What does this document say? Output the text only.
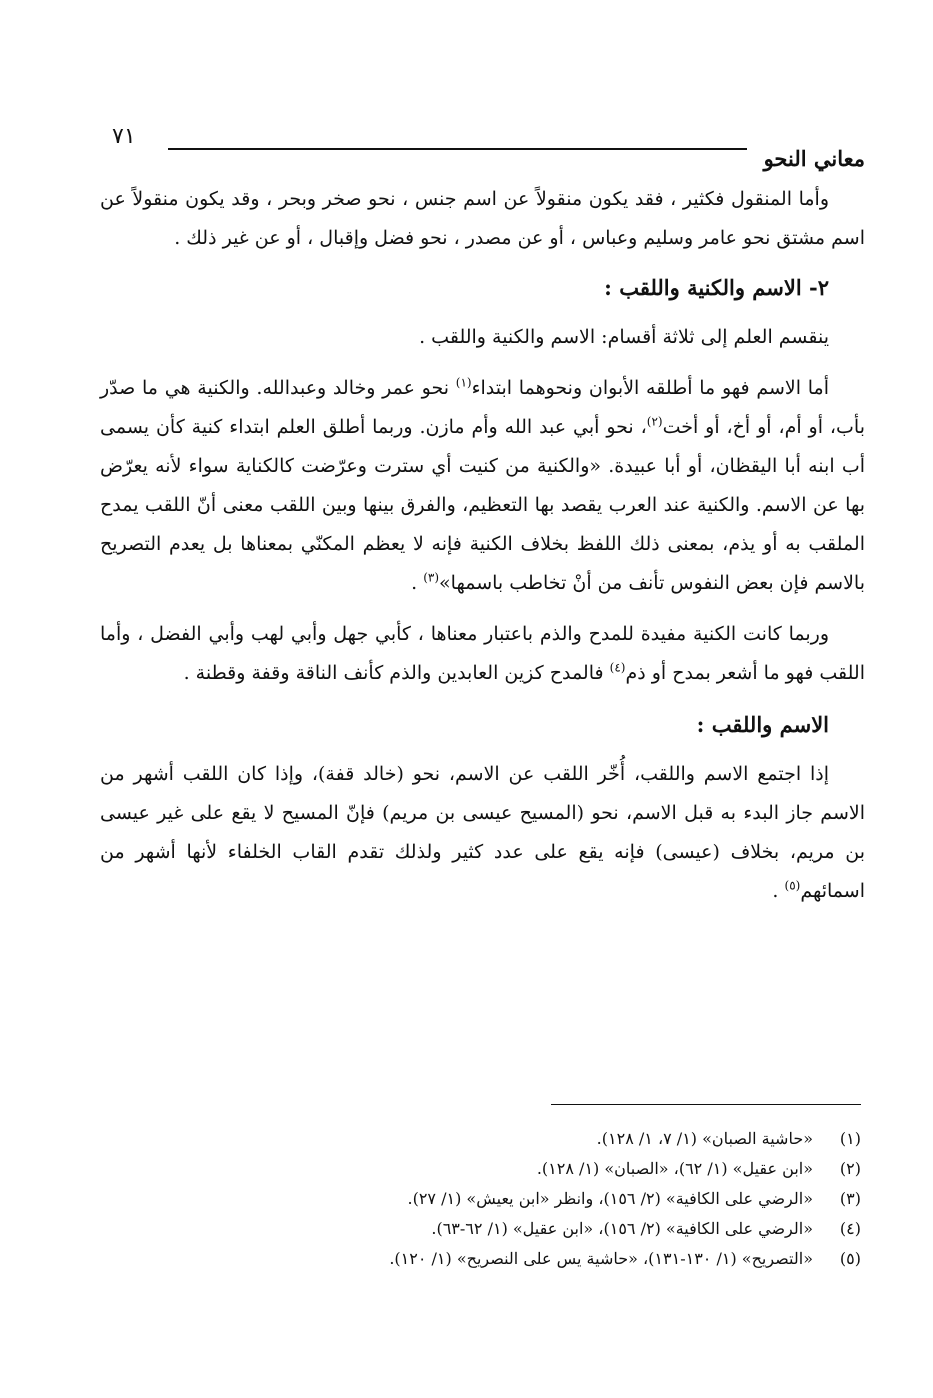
معاني النحو
٧١

وأما المنقول فكثير ، فقد يكون منقولاً عن اسم جنس ، نحو صخر وبحر ، وقد يكون منقولاً عن اسم مشتق نحو عامر وسليم وعباس ، أو عن مصدر ، نحو فضل وإقبال ، أو عن غير ذلك .

٢- الاسم والكنية واللقب :

ينقسم العلم إلى ثلاثة أقسام: الاسم والكنية واللقب .

أما الاسم فهو ما أطلقه الأبوان ونحوهما ابتداء$^{(١)}$ نحو عمر وخالد وعبدالله. والكنية هي ما صدّر بأب، أو أم، أو أخ، أو أخت$^{(٢)}$، نحو أبي عبد الله وأم مازن. وربما أطلق العلم ابتداء كنية كأن يسمى أب ابنه أبا اليقظان، أو أبا عبيدة. «والكنية من كنيت أي سترت وعرّضت كالكناية سواء لأنه يعرّض بها عن الاسم. والكنية عند العرب يقصد بها التعظيم، والفرق بينها وبين اللقب معنى أنّ اللقب يمدح الملقب به أو يذم، بمعنى ذلك اللفظ بخلاف الكنية فإنه لا يعظم المكنّي بمعناها بل يعدم التصريح بالاسم فإن بعض النفوس تأنف من أنْ تخاطب باسمها»$^{(٣)}$ .

وربما كانت الكنية مفيدة للمدح والذم باعتبار معناها ، كأبي جهل وأبي لهب وأبي الفضل ، وأما اللقب فهو ما أشعر بمدح أو ذم$^{(٤)}$ فالمدح كزين العابدين والذم كأنف الناقة وقفة وقطنة .

الاسم واللقب :

إذا اجتمع الاسم واللقب، أُخّر اللقب عن الاسم، نحو (خالد قفة)، وإذا كان اللقب أشهر من الاسم جاز البدء به قبل الاسم، نحو (المسيح عيسى بن مريم) فإنّ المسيح لا يقع على غير عيسى بن مريم، بخلاف (عيسى) فإنه يقع على عدد كثير ولذلك تقدم القاب الخلفاء لأنها أشهر من اسمائهم$^{(٥)}$ .

(١)«حاشية الصبان» (١/ ٧، ١/ ١٢٨).

(٢)«ابن عقيل» (١/ ٦٢)، «الصبان» (١/ ١٢٨).

(٣)«الرضي على الكافية» (٢/ ١٥٦)، وانظر «ابن يعيش» (١/ ٢٧).

(٤)«الرضي على الكافية» (٢/ ١٥٦)، «ابن عقيل» (١/ ٦٢-٦٣).

(٥)«التصريح» (١/ ١٣٠-١٣١)، «حاشية يس على النصريح» (١/ ١٢٠).
